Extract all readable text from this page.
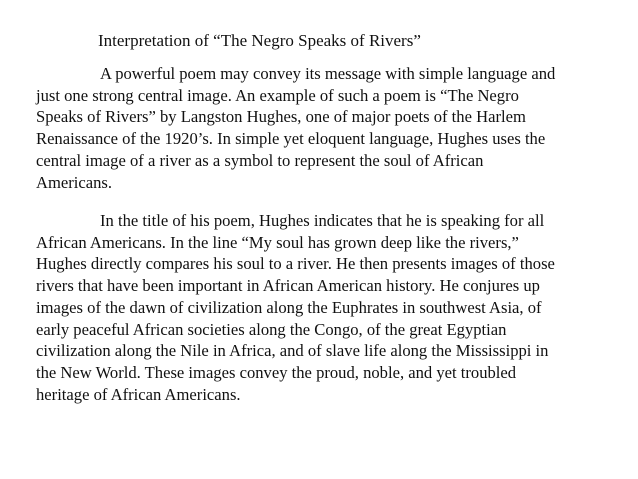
Interpretation of “The Negro Speaks of Rivers”

A powerful poem may convey its message with simple language and
just one strong central image. An example of such a poem is “The Negro
Speaks of Rivers” by Langston Hughes, one of major poets of the Harlem
Renaissance of the 1920’s. In simple yet eloquent language, Hughes uses the
central image of a river as a symbol to represent the soul of African
Americans.

In the title of his poem, Hughes indicates that he is speaking for all
African Americans. In the line “My soul has grown deep like the rivers,”
Hughes directly compares his soul to a river. He then presents images of those
rivers that have been important in African American history. He conjures up
images of the dawn of civilization along the Euphrates in southwest Asia, of
early peaceful African societies along the Congo, of the great Egyptian
civilization along the Nile in Africa, and of slave life along the Mississippi in
the New World. These images convey the proud, noble, and yet troubled
heritage of African Americans.
